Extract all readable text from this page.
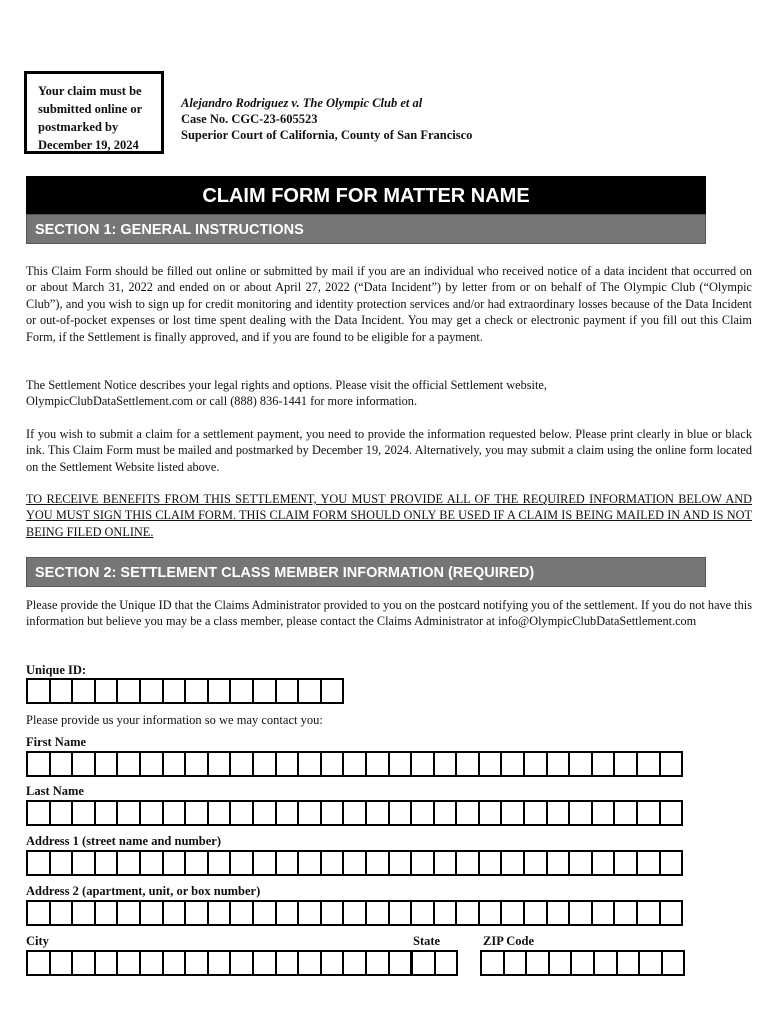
Your claim must be
submitted online or
postmarked by
December 19, 2024
Alejandro Rodriguez v. The Olympic Club et al
Case No. CGC-23-605523
Superior Court of California, County of San Francisco
CLAIM FORM FOR MATTER NAME
SECTION 1: GENERAL INSTRUCTIONS
This Claim Form should be filled out online or submitted by mail if you are an individual who received notice of a data incident that occurred on or about March 31, 2022 and ended on or about April 27, 2022 (“Data Incident”) by letter from or on behalf of The Olympic Club (“Olympic Club”), and you wish to sign up for credit monitoring and identity protection services and/or had extraordinary losses because of the Data Incident or out-of-pocket expenses or lost time spent dealing with the Data Incident. You may get a check or electronic payment if you fill out this Claim Form, if the Settlement is finally approved, and if you are found to be eligible for a payment.
The Settlement Notice describes your legal rights and options. Please visit the official Settlement website,
OlympicClubDataSettlement.com or call (888) 836-1441 for more information.
If you wish to submit a claim for a settlement payment, you need to provide the information requested below. Please print clearly in blue or black ink. This Claim Form must be mailed and postmarked by December 19, 2024. Alternatively, you may submit a claim using the online form located on the Settlement Website listed above.
TO RECEIVE BENEFITS FROM THIS SETTLEMENT, YOU MUST PROVIDE ALL OF THE REQUIRED INFORMATION BELOW AND YOU MUST SIGN THIS CLAIM FORM. THIS CLAIM FORM SHOULD ONLY BE USED IF A CLAIM IS BEING MAILED IN AND IS NOT BEING FILED ONLINE.
SECTION 2: SETTLEMENT CLASS MEMBER INFORMATION (REQUIRED)
Please provide the Unique ID that the Claims Administrator provided to you on the postcard notifying you of the settlement. If you do not have this information but believe you may be a class member, please contact the Claims Administrator at info@OlympicClubDataSettlement.com
Unique ID:
Please provide us your information so we may contact you:
First Name
Last Name
Address 1 (street name and number)
Address 2 (apartment, unit, or box number)
City	State	ZIP Code
